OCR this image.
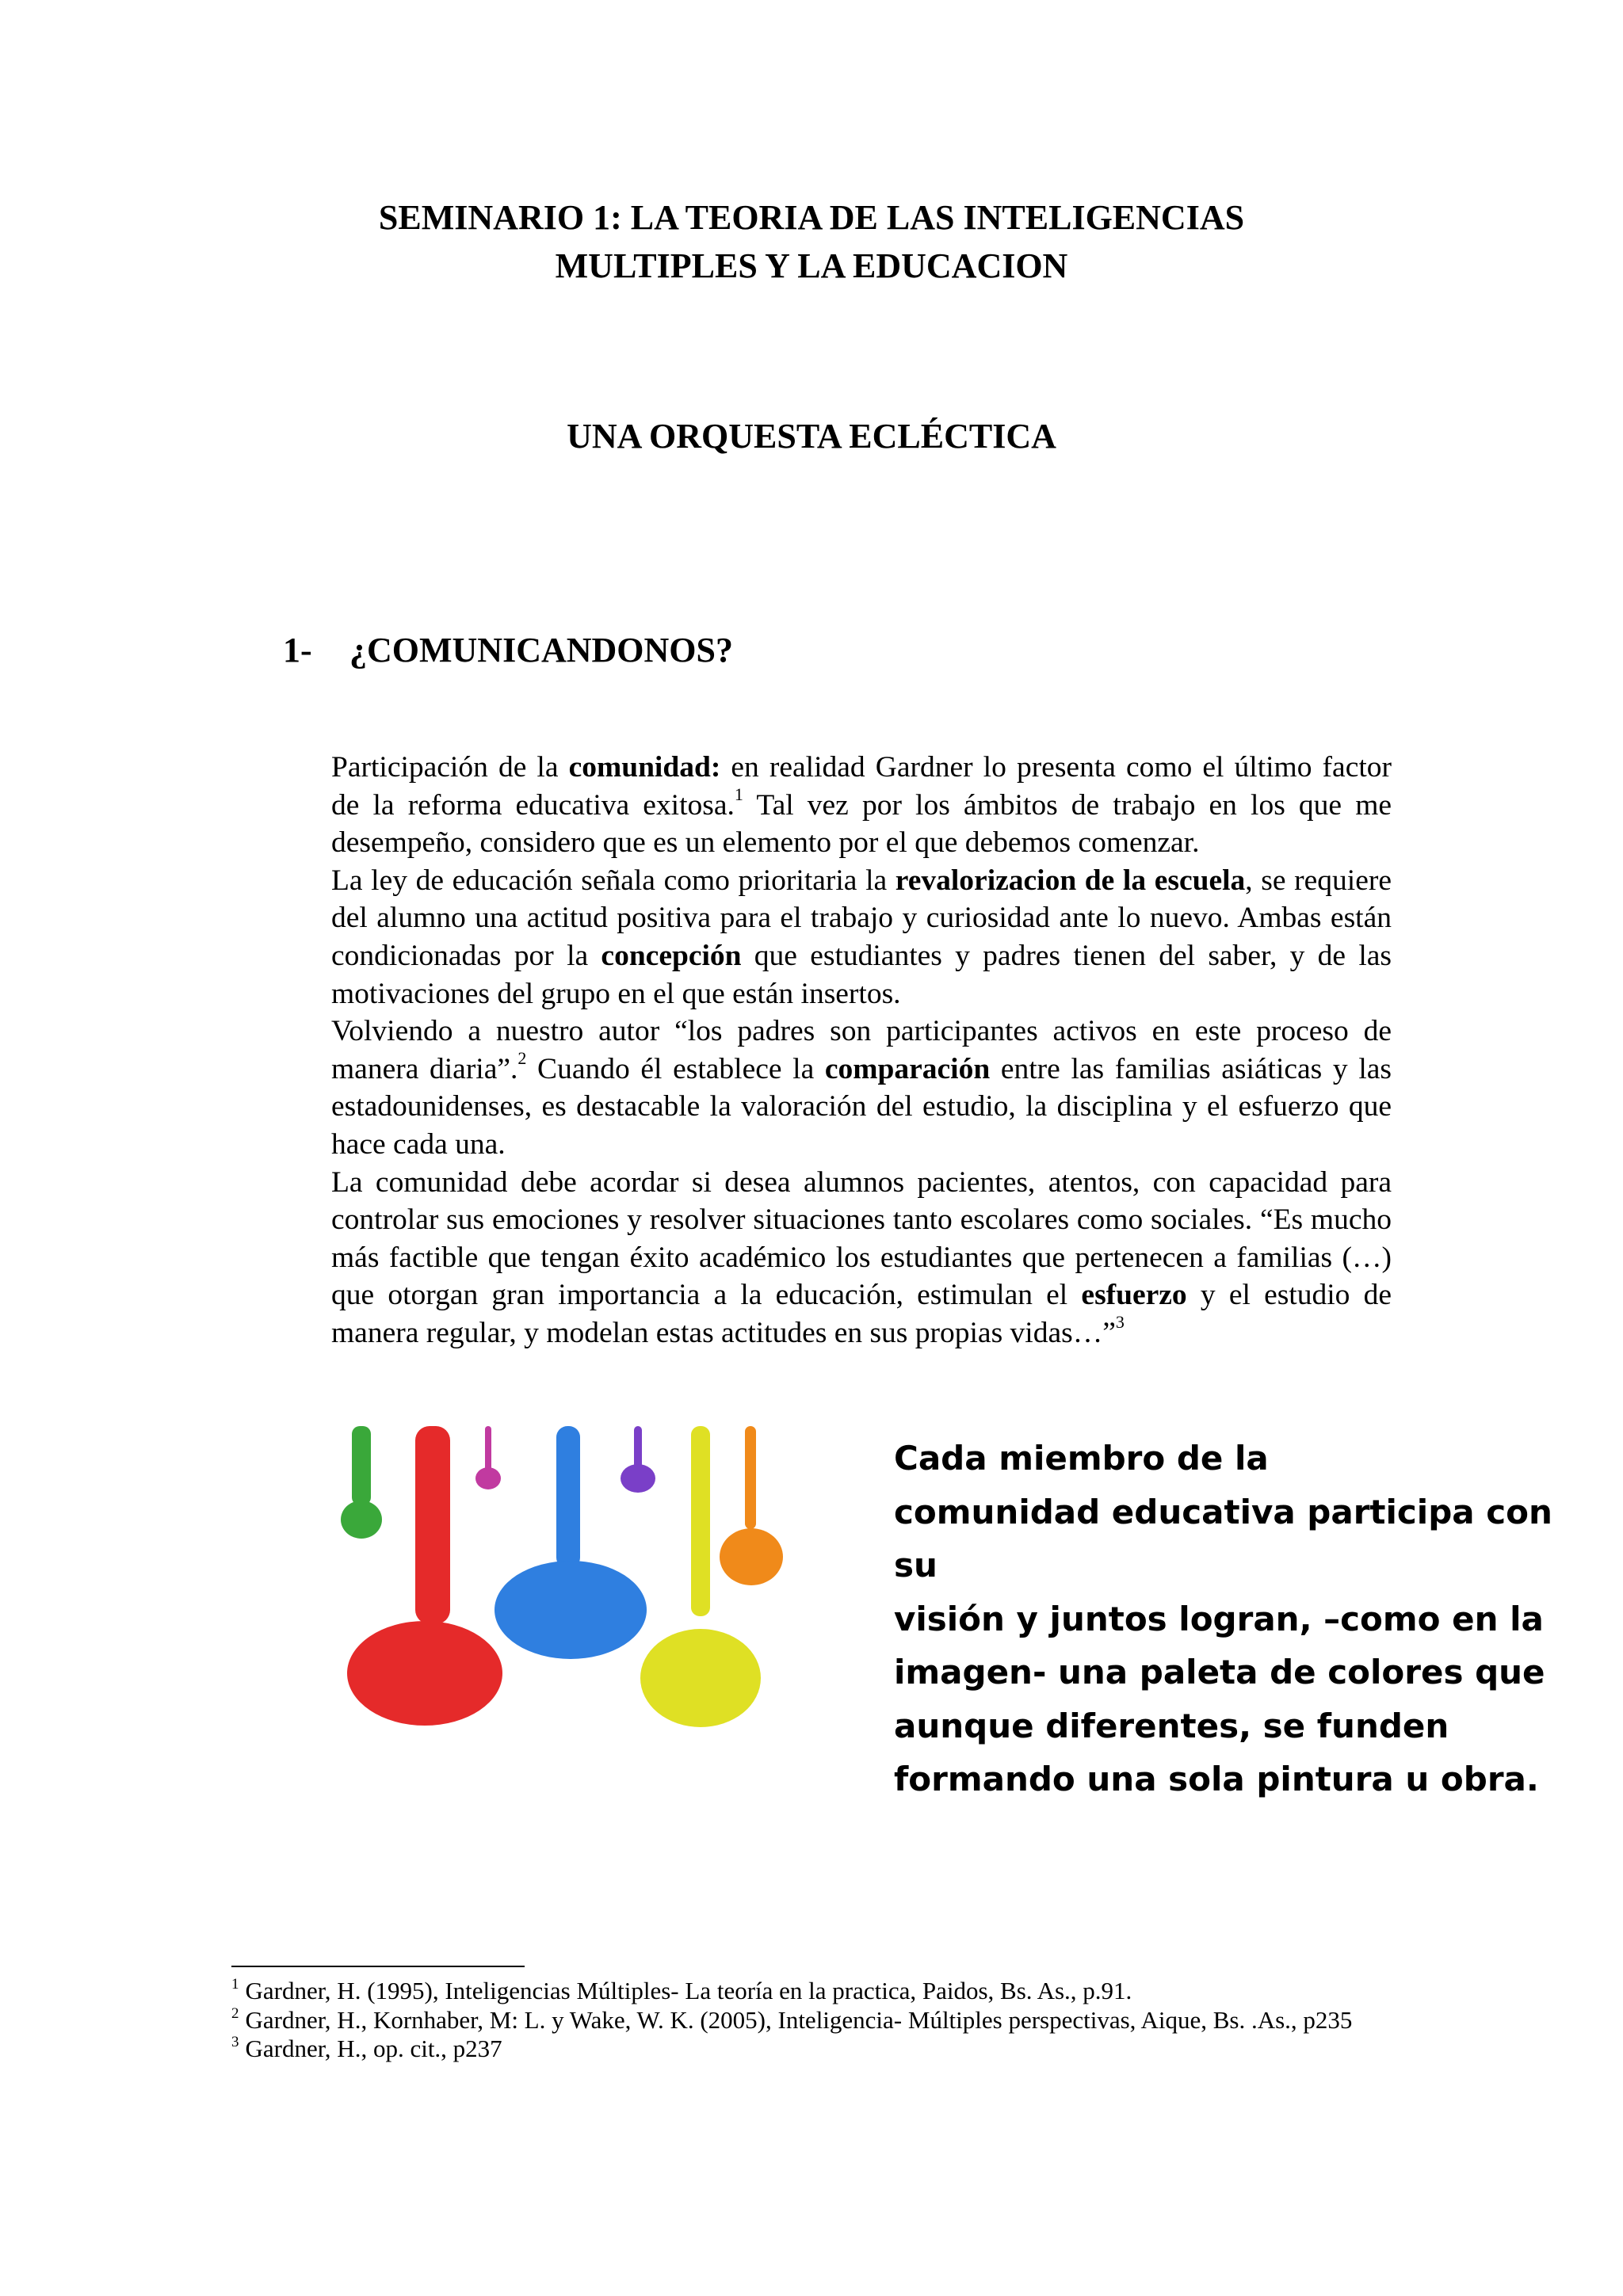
SEMINARIO 1: LA TEORIA DE LAS INTELIGENCIAS
MULTIPLES Y LA EDUCACION
UNA ORQUESTA ECLÉCTICA
1- ¿COMUNICANDONOS?

Participación de la comunidad: en realidad Gardner lo presenta como el último factor de la reforma educativa exitosa.$^1$ Tal vez por los ámbitos de trabajo en los que me desempeño, considero que es un elemento por el que debemos comenzar.

La ley de educación señala como prioritaria la revalorizacion de la escuela, se requiere del alumno una actitud positiva para el trabajo y curiosidad ante lo nuevo. Ambas están condicionadas por la concepción que estudiantes y padres tienen del saber, y de las motivaciones del grupo en el que están insertos.

Volviendo a nuestro autor “los padres son participantes activos en este proceso de manera diaria”.$^2$ Cuando él establece la comparación entre las familias asiáticas y las estadounidenses, es destacable la valoración del estudio, la disciplina y el esfuerzo que hace cada una.

La comunidad debe acordar si desea alumnos pacientes, atentos, con capacidad para controlar sus emociones y resolver situaciones tanto escolares como sociales. “Es mucho más factible que tengan éxito académico los estudiantes que pertenecen a familias (…) que otorgan gran importancia a la educación, estimulan el esfuerzo y el estudio de manera regular, y modelan estas actitudes en sus propias vidas…”$^3$

Cada miembro de la

comunidad educativa participa con su

visión y juntos logran, –como en la

imagen- una paleta de colores que

aunque diferentes, se funden

formando una sola pintura u obra.

$^1$ Gardner, H. (1995), Inteligencias Múltiples- La teoría en la practica, Paidos, Bs. As., p.91.

$^2$ Gardner, H., Kornhaber, M: L. y Wake, W. K. (2005), Inteligencia- Múltiples perspectivas, Aique, Bs. .As., p235

$^3$ Gardner, H., op. cit., p237
